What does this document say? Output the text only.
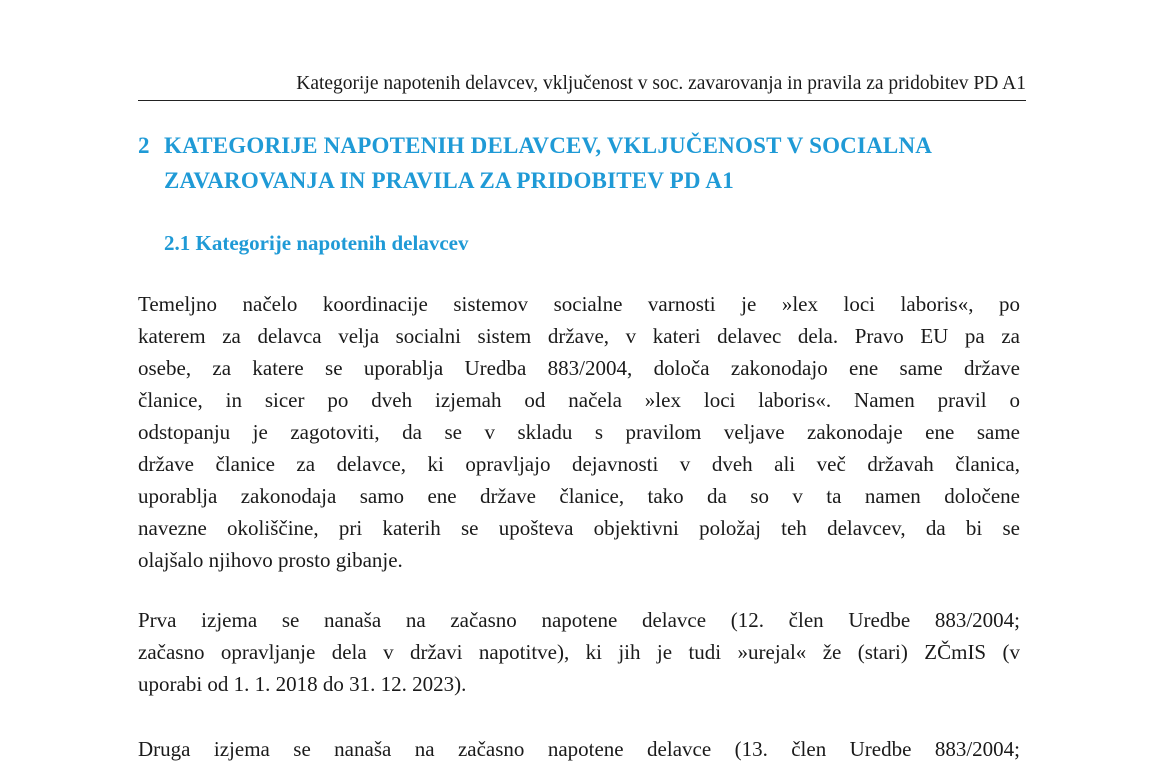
Kategorije napotenih delavcev, vključenost v soc. zavarovanja in pravila za pridobitev PD A1
2 KATEGORIJE NAPOTENIH DELAVCEV, VKLJUČENOST V SOCIALNA
ZAVAROVANJA IN PRAVILA ZA PRIDOBITEV PD A1
2.1 Kategorije napotenih delavcev
Temeljno načelo koordinacije sistemov socialne varnosti je »lex loci laboris«, po
katerem za delavca velja socialni sistem države, v kateri delavec dela. Pravo EU pa za
osebe, za katere se uporablja Uredba 883/2004, določa zakonodajo ene same države
članice, in sicer po dveh izjemah od načela »lex loci laboris«. Namen pravil o
odstopanju je zagotoviti, da se v skladu s pravilom veljave zakonodaje ene same
države članice za delavce, ki opravljajo dejavnosti v dveh ali več državah članica,
uporablja zakonodaja samo ene države članice, tako da so v ta namen določene
navezne okoliščine, pri katerih se upošteva objektivni položaj teh delavcev, da bi se
olajšalo njihovo prosto gibanje.
Prva izjema se nanaša na začasno napotene delavce (12. člen Uredbe 883/2004;
začasno opravljanje dela v državi napotitve), ki jih je tudi »urejal« že (stari) ZČmIS (v
uporabi od 1. 1. 2018 do 31. 12. 2023).
Druga izjema se nanaša na začasno napotene delavce (13. člen Uredbe 883/2004;
